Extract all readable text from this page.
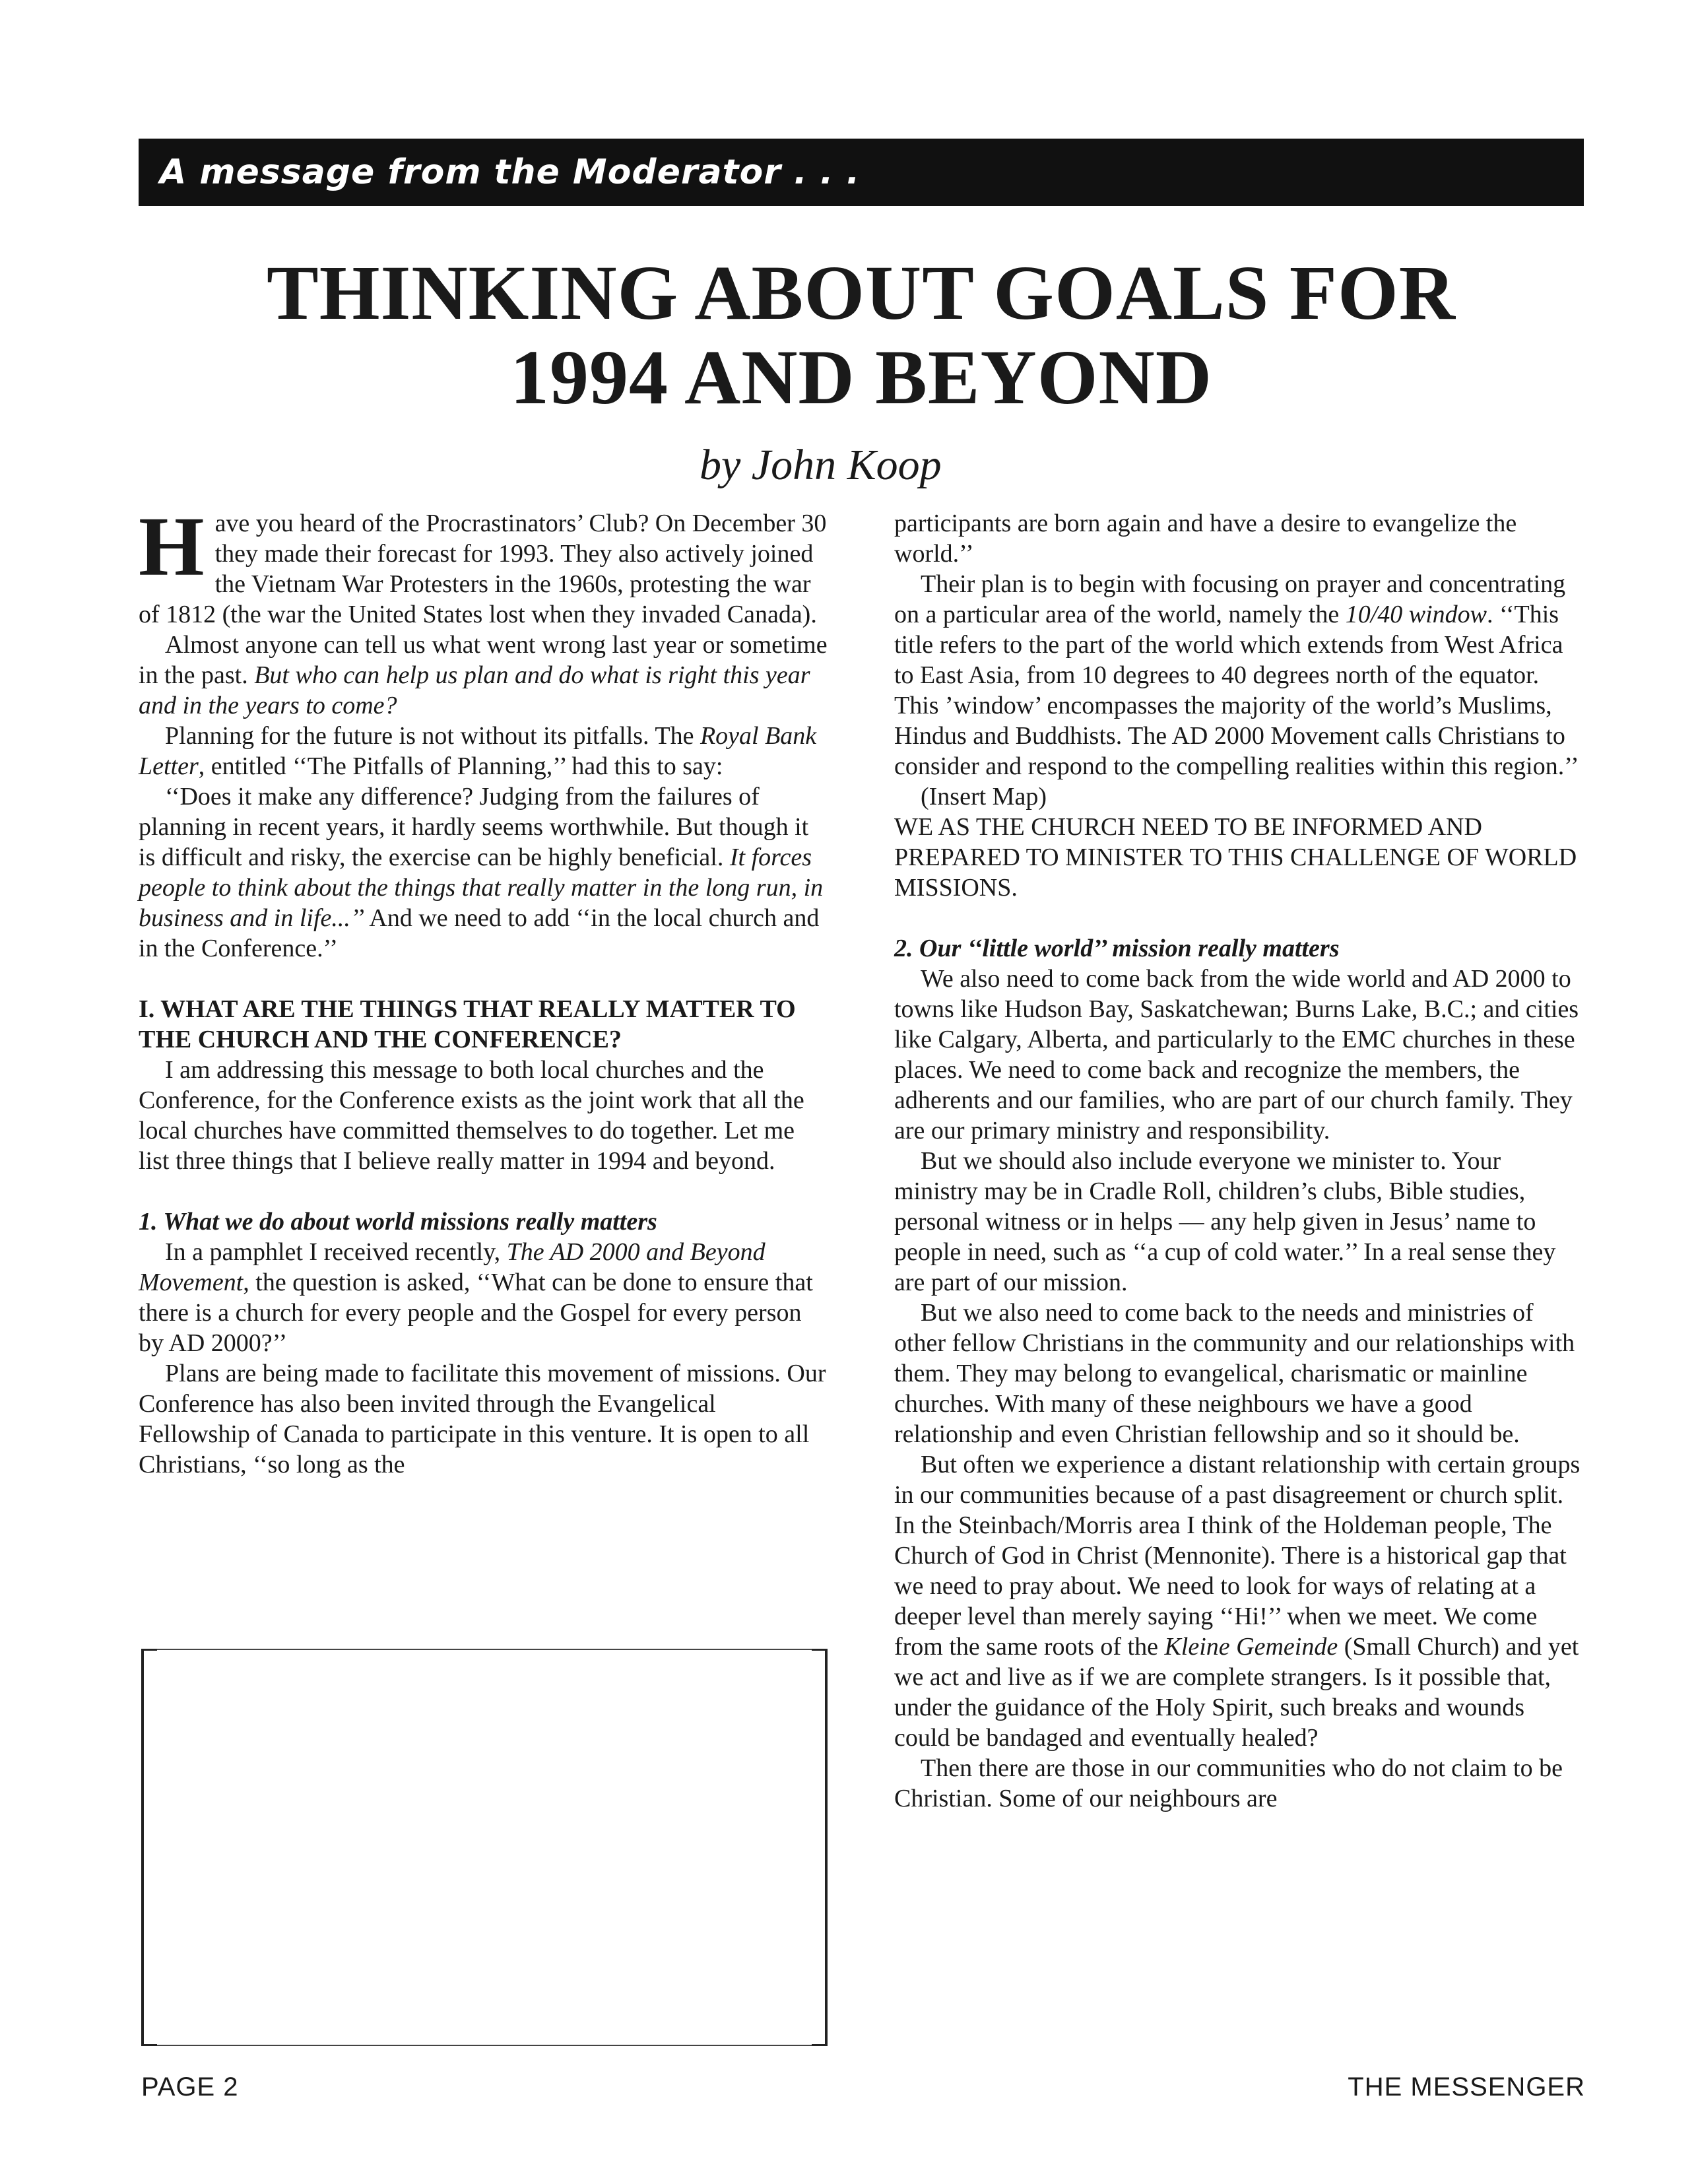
A message from the Moderator . . .
THINKING ABOUT GOALS FOR
1994 AND BEYOND
by John Koop

Have you heard of the Procrastinators’ Club? On December 30 they made their forecast for 1993. They also actively joined the Vietnam War Protesters in the 1960s, protesting the war of 1812 (the war the United States lost when they invaded Canada).

Almost anyone can tell us what went wrong last year or sometime in the past. But who can help us plan and do what is right this year and in the years to come?

Planning for the future is not without its pitfalls. The Royal Bank Letter, entitled ‘‘The Pitfalls of Planning,’’ had this to say:

‘‘Does it make any difference? Judging from the failures of planning in recent years, it hardly seems worthwhile. But though it is difficult and risky, the exercise can be highly beneficial. It forces people to think about the things that really matter in the long run, in business and in life...’’ And we need to add ‘‘in the local church and in the Conference.’’

I. WHAT ARE THE THINGS THAT REALLY MATTER TO THE CHURCH AND THE CONFERENCE?

I am addressing this message to both local churches and the Conference, for the Conference exists as the joint work that all the local churches have committed themselves to do together. Let me list three things that I believe really matter in 1994 and beyond.

1. What we do about world missions really matters

In a pamphlet I received recently, The AD 2000 and Beyond Movement, the question is asked, ‘‘What can be done to ensure that there is a church for every people and the Gospel for every person by AD 2000?’’

Plans are being made to facilitate this movement of missions. Our Conference has also been invited through the Evangelical Fellowship of Canada to participate in this venture. It is open to all Christians, ‘‘so long as the

participants are born again and have a desire to evangelize the world.’’

Their plan is to begin with focusing on prayer and concentrating on a particular area of the world, namely the 10/40 window. ‘‘This title refers to the part of the world which extends from West Africa to East Asia, from 10 degrees to 40 degrees north of the equator. This ’window’ encompasses the majority of the world’s Muslims, Hindus and Buddhists. The AD 2000 Movement calls Christians to consider and respond to the compelling realities within this region.’’

(Insert Map)

WE AS THE CHURCH NEED TO BE INFORMED AND PREPARED TO MINISTER TO THIS CHALLENGE OF WORLD MISSIONS.

2. Our ‘‘little world’’ mission really matters

We also need to come back from the wide world and AD 2000 to towns like Hudson Bay, Saskatchewan; Burns Lake, B.C.; and cities like Calgary, Alberta, and particularly to the EMC churches in these places. We need to come back and recognize the members, the adherents and our families, who are part of our church family. They are our primary ministry and responsibility.

But we should also include everyone we minister to. Your ministry may be in Cradle Roll, children’s clubs, Bible studies, personal witness or in helps — any help given in Jesus’ name to people in need, such as ‘‘a cup of cold water.’’ In a real sense they are part of our mission.

But we also need to come back to the needs and ministries of other fellow Christians in the community and our relationships with them. They may belong to evangelical, charismatic or mainline churches. With many of these neighbours we have a good relationship and even Christian fellowship and so it should be.

But often we experience a distant relationship with certain groups in our communities because of a past disagreement or church split. In the Steinbach/Morris area I think of the Holdeman people, The Church of God in Christ (Mennonite). There is a historical gap that we need to pray about. We need to look for ways of relating at a deeper level than merely saying ‘‘Hi!’’ when we meet. We come from the same roots of the Kleine Gemeinde (Small Church) and yet we act and live as if we are complete strangers. Is it possible that, under the guidance of the Holy Spirit, such breaks and wounds could be bandaged and eventually healed?

Then there are those in our communities who do not claim to be Christian. Some of our neighbours are

PAGE 2	THE MESSENGER
